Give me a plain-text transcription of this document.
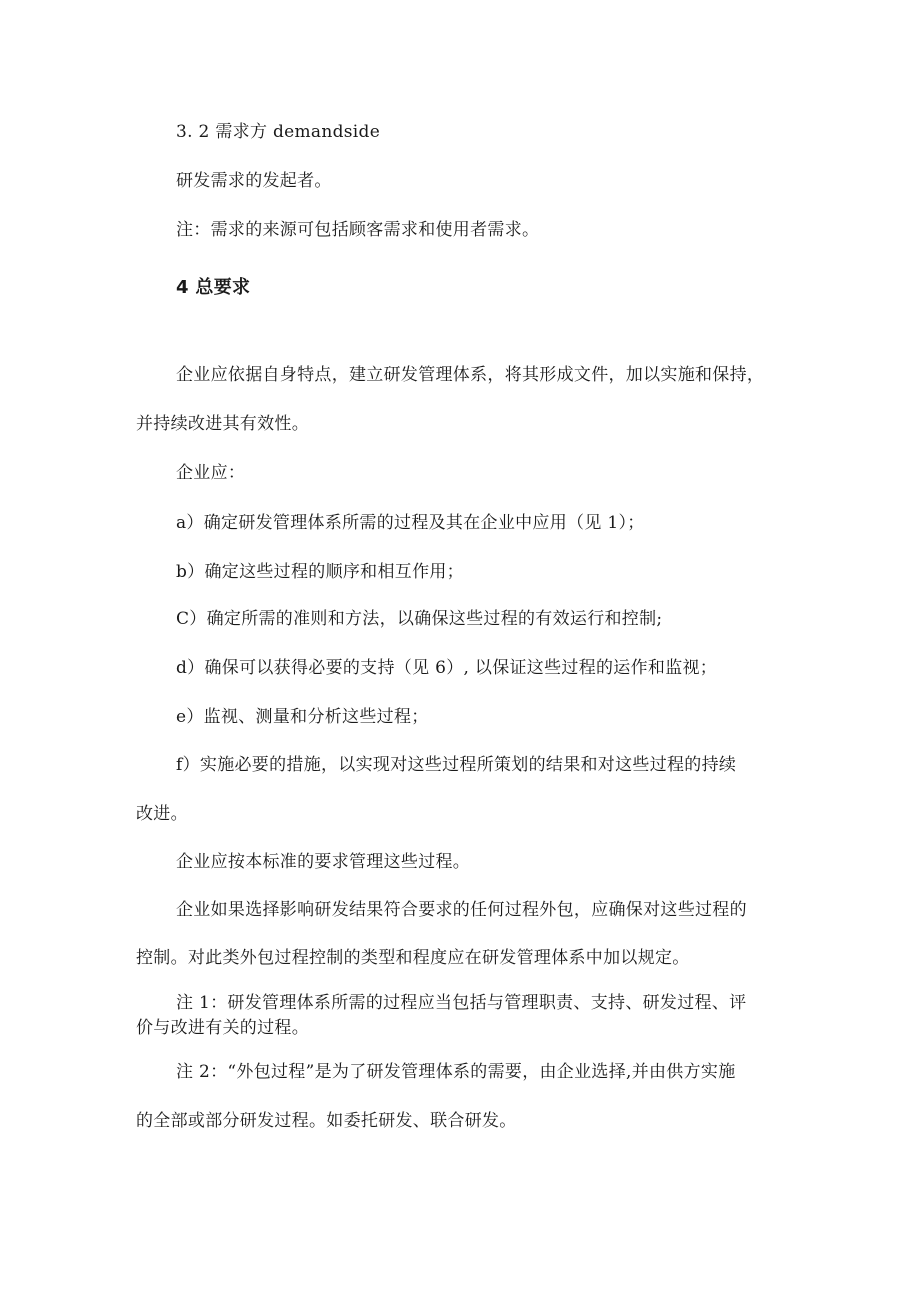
3. 2 需求方 demandside
研发需求的发起者。
注：需求的来源可包括顾客需求和使用者需求。
4 总要求
企业应依据自身特点，建立研发管理体系，将其形成文件，加以实施和保持，
并持续改进其有效性。
企业应：
a）确定研发管理体系所需的过程及其在企业中应用（见 1）；
b）确定这些过程的顺序和相互作用；
C）确定所需的准则和方法，以确保这些过程的有效运行和控制;
d）确保可以获得必要的支持（见 6）, 以保证这些过程的运作和监视；
e）监视、测量和分析这些过程；
f）实施必要的措施，以实现对这些过程所策划的结果和对这些过程的持续
改进。
企业应按本标准的要求管理这些过程。
企业如果选择影响研发结果符合要求的任何过程外包，应确保对这些过程的
控制。对此类外包过程控制的类型和程度应在研发管理体系中加以规定。
注 1：研发管理体系所需的过程应当包括与管理职责、支持、研发过程、评
价与改进有关的过程。
注 2：“外包过程”是为了研发管理体系的需要，由企业选择,并由供方实施
的全部或部分研发过程。如委托研发、联合研发。
